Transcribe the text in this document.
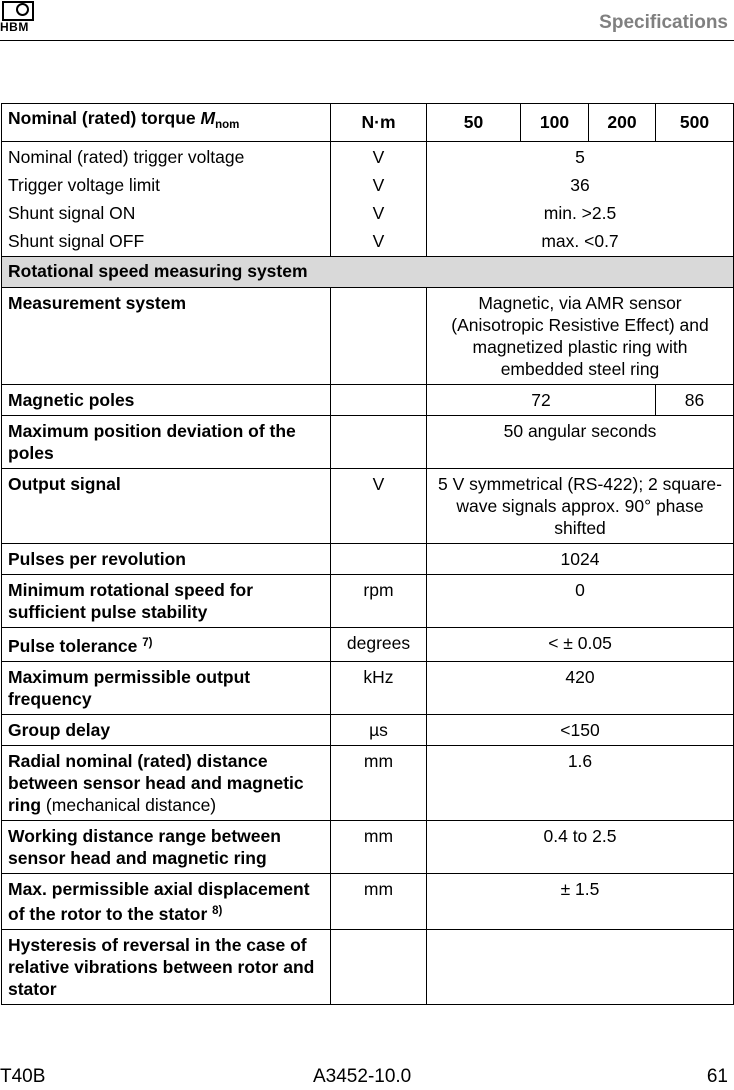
HBM	Specifications
Nominal (rated) torque $M_{nom}$	N·m	50	100	200	500
Nominal (rated) trigger voltage	V	5			
Trigger voltage limit	V	36			
Shunt signal ON	V	min. >2.5			
Shunt signal OFF	V	max. <0.7			
Rotational speed measuring system					
Measurement system		Magnetic, via AMR sensor (Anisotropic Resistive Effect) and magnetized plastic ring with embedded steel ring			
Magnetic poles		72			86
Maximum position deviation of the poles		50 angular seconds			
Output signal	V	5 V symmetrical (RS-422); 2 square-wave signals approx. 90° phase shifted			
Pulses per revolution		1024			
Minimum rotational speed for sufficient pulse stability	rpm	0			
Pulse tolerance $^{7)}$	degrees	< ± 0.05			
Maximum permissible output frequency	kHz	420			
Group delay	µs	<150			
Radial nominal (rated) distance between sensor head and magnetic ring (mechanical distance)	mm	1.6			
Working distance range between sensor head and magnetic ring	mm	0.4 to 2.5			
Max. permissible axial displacement of the rotor to the stator $^{8)}$	mm	± 1.5			
Hysteresis of reversal in the case of relative vibrations between rotor and stator					
T40B	A3452-10.0	61
